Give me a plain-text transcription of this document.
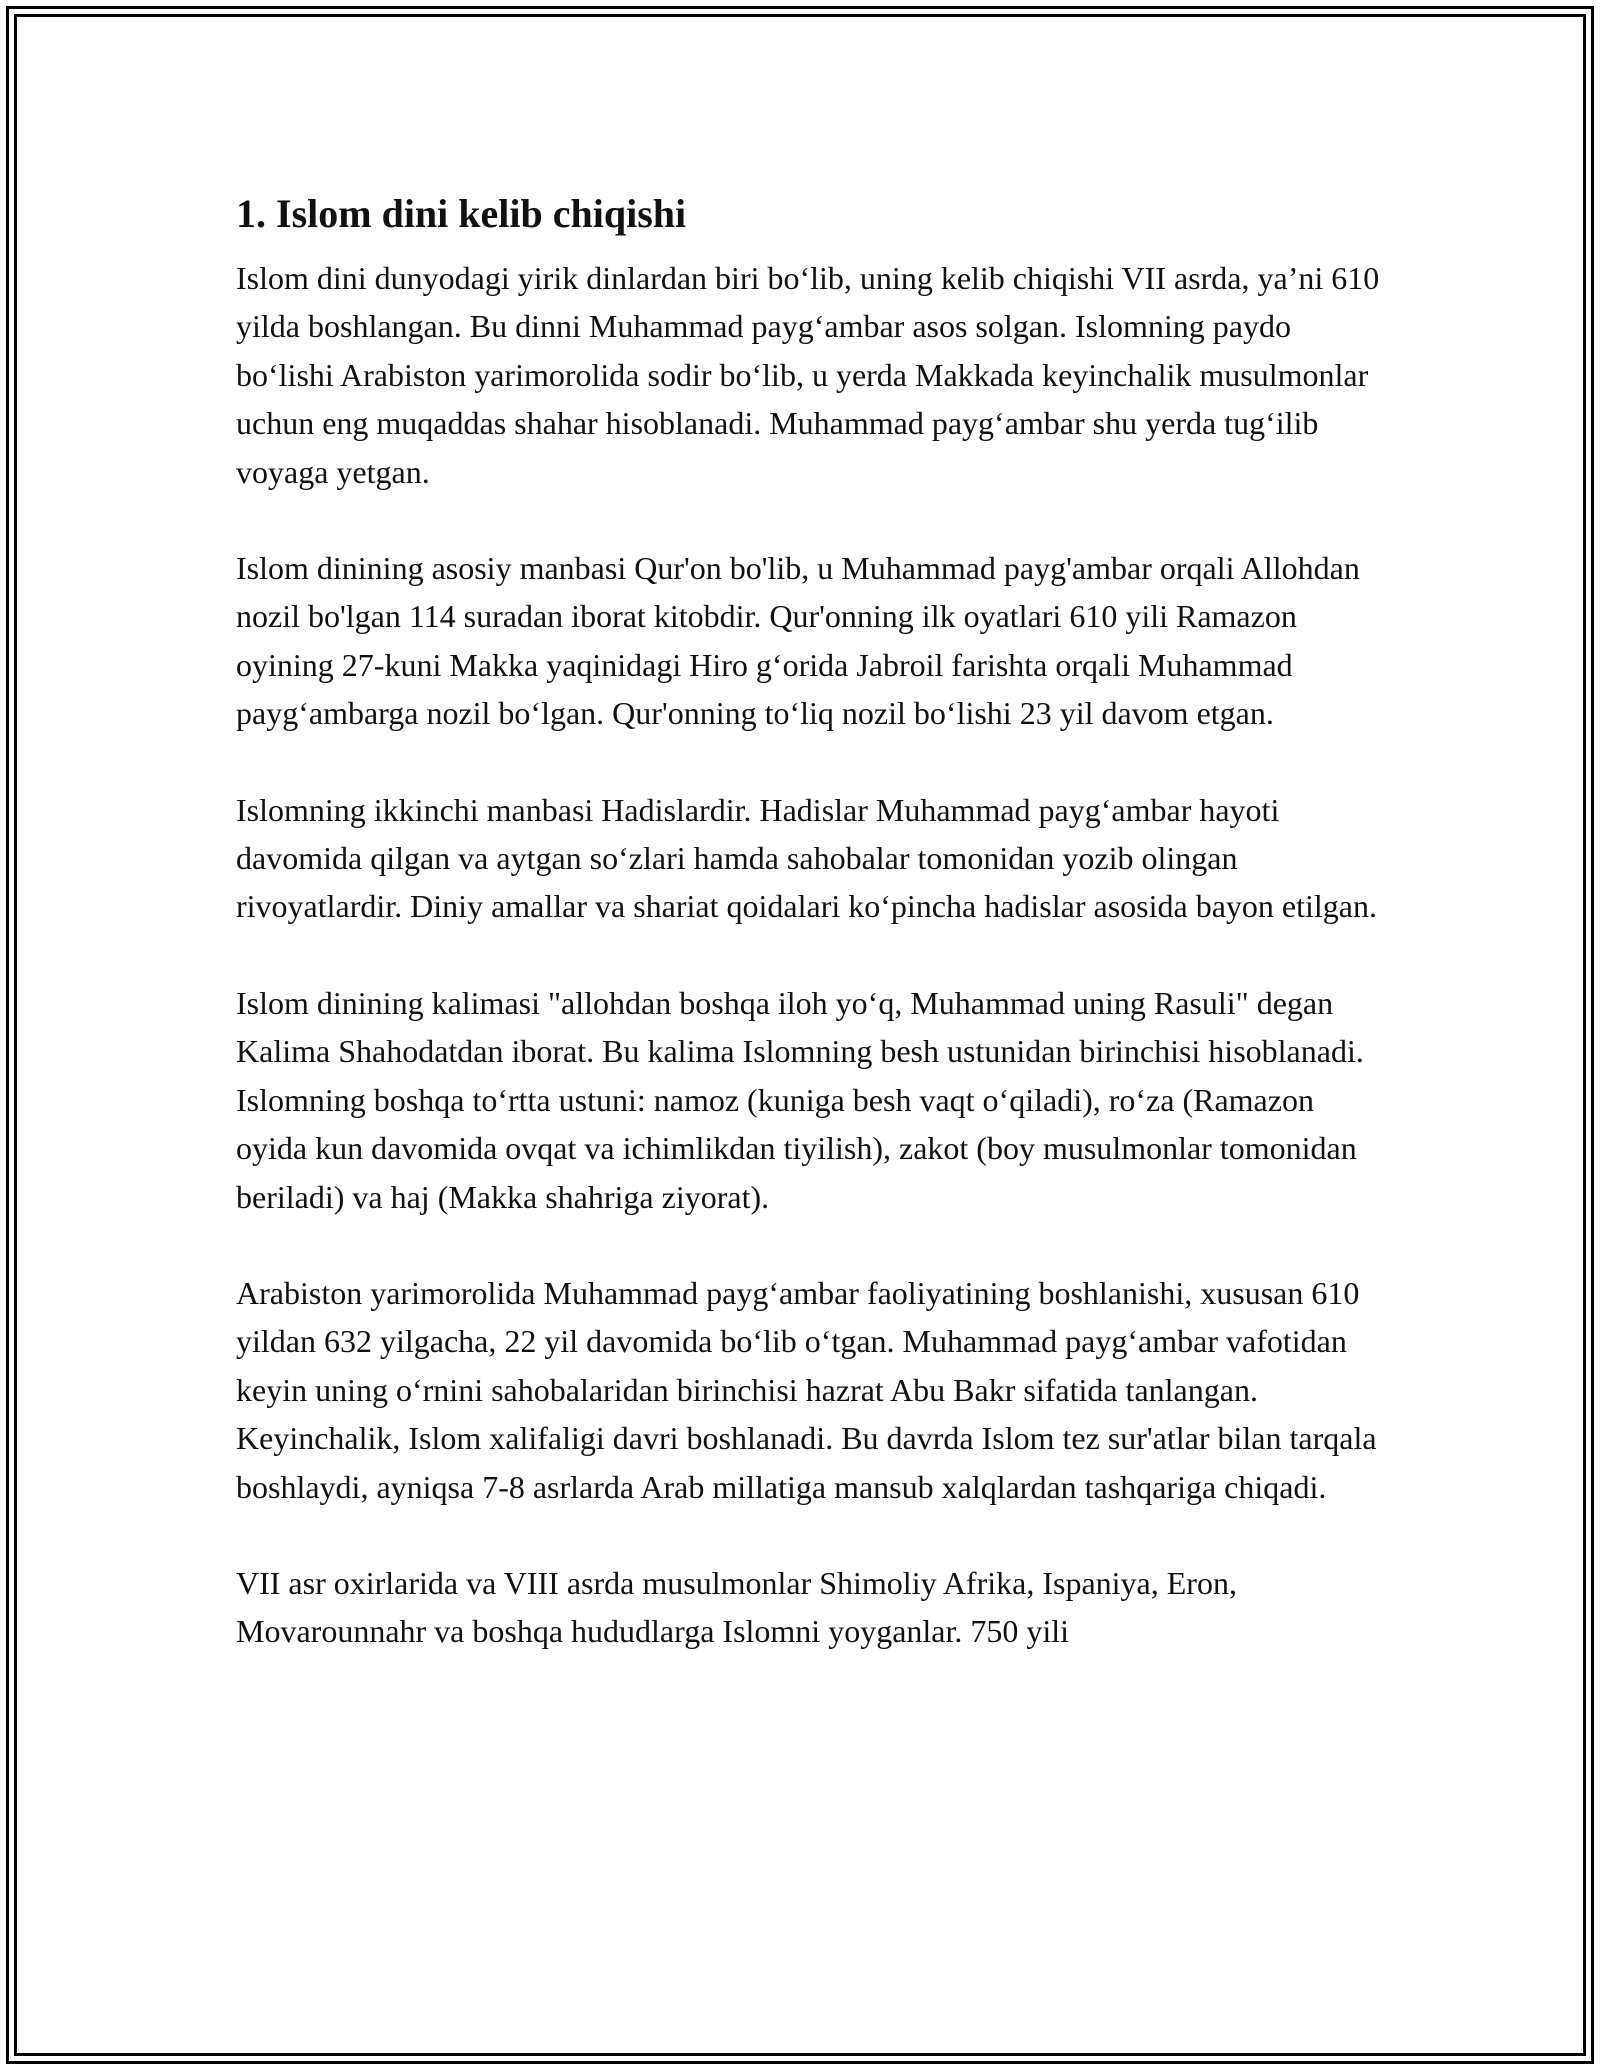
1. Islom dini kelib chiqishi

Islom dini dunyodagi yirik dinlardan biri bo‘lib, uning kelib chiqishi VII asrda, ya’ni 610 yilda boshlangan. Bu dinni Muhammad payg‘ambar asos solgan. Islomning paydo bo‘lishi Arabiston yarimorolida sodir bo‘lib, u yerda Makkada keyinchalik musulmonlar uchun eng muqaddas shahar hisoblanadi. Muhammad payg‘ambar shu yerda tug‘ilib voyaga yetgan.

Islom dinining asosiy manbasi Qur'on bo'lib, u Muhammad payg'ambar orqali Allohdan nozil bo'lgan 114 suradan iborat kitobdir. Qur'onning ilk oyatlari 610 yili Ramazon oyining 27-kuni Makka yaqinidagi Hiro g‘orida Jabroil farishta orqali Muhammad payg‘ambarga nozil bo‘lgan. Qur'onning to‘liq nozil bo‘lishi 23 yil davom etgan.

Islomning ikkinchi manbasi Hadislardir. Hadislar Muhammad payg‘ambar hayoti davomida qilgan va aytgan so‘zlari hamda sahobalar tomonidan yozib olingan rivoyatlardir. Diniy amallar va shariat qoidalari ko‘pincha hadislar asosida bayon etilgan.

Islom dinining kalimasi "allohdan boshqa iloh yo‘q, Muhammad uning Rasuli" degan Kalima Shahodatdan iborat. Bu kalima Islomning besh ustunidan birinchisi hisoblanadi. Islomning boshqa to‘rtta ustuni: namoz (kuniga besh vaqt o‘qiladi), ro‘za (Ramazon oyida kun davomida ovqat va ichimlikdan tiyilish), zakot (boy musulmonlar tomonidan beriladi) va haj (Makka shahriga ziyorat).

Arabiston yarimorolida Muhammad payg‘ambar faoliyatining boshlanishi, xususan 610 yildan 632 yilgacha, 22 yil davomida bo‘lib o‘tgan. Muhammad payg‘ambar vafotidan keyin uning o‘rnini sahobalaridan birinchisi hazrat Abu Bakr sifatida tanlangan. Keyinchalik, Islom xalifaligi davri boshlanadi. Bu davrda Islom tez sur'atlar bilan tarqala boshlaydi, ayniqsa 7-8 asrlarda Arab millatiga mansub xalqlardan tashqariga chiqadi.

VII asr oxirlarida va VIII asrda musulmonlar Shimoliy Afrika, Ispaniya, Eron, Movarounnahr va boshqa hududlarga Islomni yoyganlar. 750 yili
